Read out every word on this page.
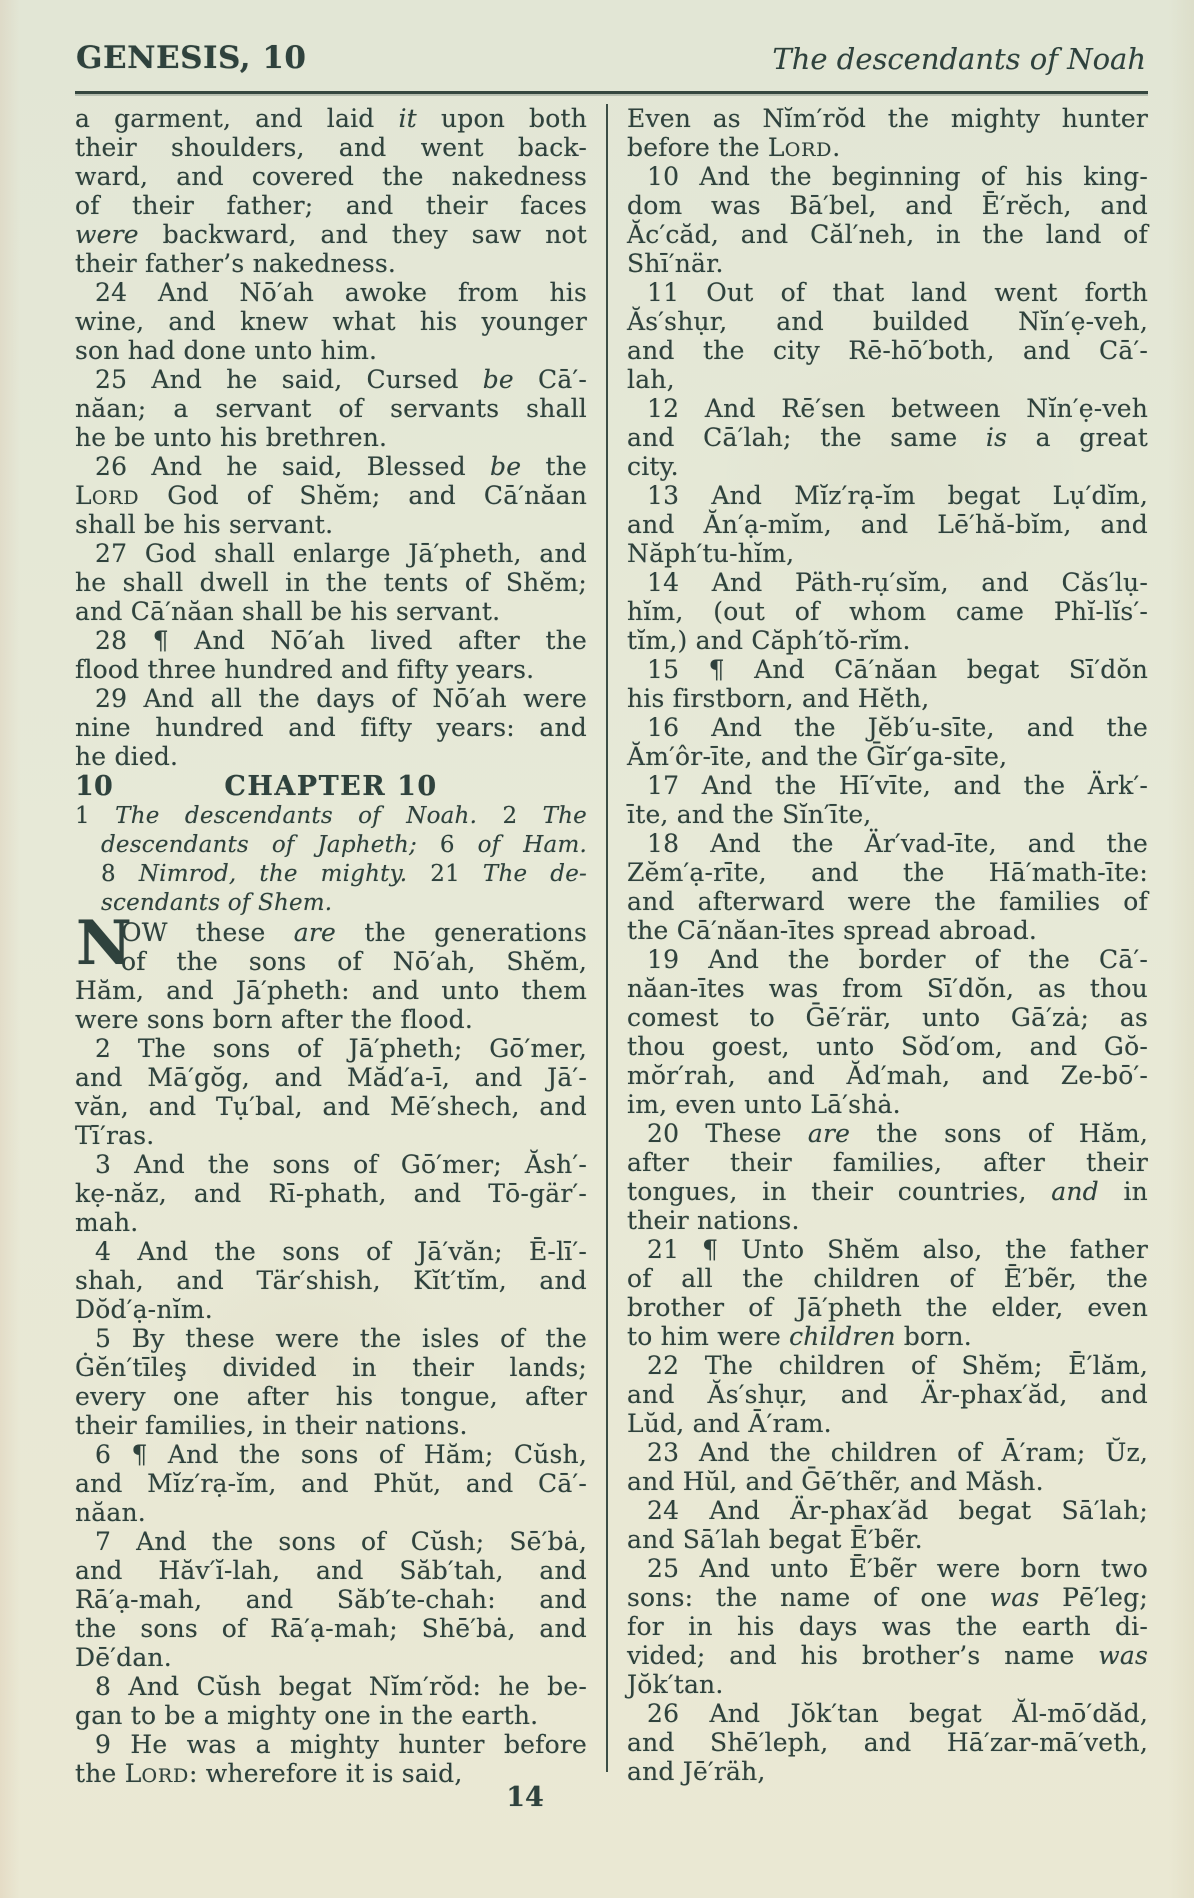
GENESIS, 10	The descendants of Noah
a garment, and laid it upon both
their shoulders, and went back-
ward, and covered the nakedness
of their father; and their faces
were backward, and they saw not
their father’s nakedness.
24 And Nō′ah awoke from his
wine, and knew what his younger
son had done unto him.
25 And he said, Cursed be Cā′-
năan; a servant of servants shall
he be unto his brethren.
26 And he said, Blessed be the
LORD God of Shĕm; and Cā′năan
shall be his servant.
27 God shall enlarge Jā′pheth, and
he shall dwell in the tents of Shĕm;
and Cā′năan shall be his servant.
28 ¶ And Nō′ah lived after the
flood three hundred and fifty years.
29 And all the days of Nō′ah were
nine hundred and fifty years: and
he died.
10	CHAPTER 10
1 The descendants of Noah. 2 The
descendants of Japheth; 6 of Ham.
8 Nimrod, the mighty. 21 The de-
scendants of Shem.
N
OW these are the generations
of the sons of Nō′ah, Shĕm,
Hăm, and Jā′pheth: and unto them
were sons born after the flood.
2 The sons of Jā′pheth; Gō′mer,
and Mā′gŏg, and Măd′a-ī, and Jā′-
văn, and Tụ′bal, and Mē′shech, and
Tī′ras.
3 And the sons of Gō′mer; Ăsh′-
kẹ-năz, and Rī-phath, and Tō-gär′-
mah.
4 And the sons of Jā′văn; Ē-lī′-
shah, and Tär′shish, Kĭt′tĭm, and
Dŏd′ạ-nĭm.
5 By these were the isles of the
Ġĕn′tīleş divided in their lands;
every one after his tongue, after
their families, in their nations.
6 ¶ And the sons of Hăm; Cŭsh,
and Mĭz′rạ-ĭm, and Phŭt, and Cā′-
năan.
7 And the sons of Cŭsh; Sē′bȧ,
and Hăv′ĭ-lah, and Săb′tah, and
Rā′ạ-mah, and Săb′te-chah: and
the sons of Rā′ạ-mah; Shē′bȧ, and
Dē′dan.
8 And Cŭsh begat Nĭm′rŏd: he be-
gan to be a mighty one in the earth.
9 He was a mighty hunter before
the LORD: wherefore it is said,
Even as Nĭm′rŏd the mighty hunter
before the LORD.
10 And the beginning of his king-
dom was Bā′bel, and Ē′rĕch, and
Ăc′căd, and Căl′neh, in the land of
Shī′när.
11 Out of that land went forth
Ăs′shụr, and builded Nĭn′ẹ-veh,
and the city Rē-hō′both, and Cā′-
lah,
12 And Rē′sen between Nĭn′ẹ-veh
and Cā′lah; the same is a great
city.
13 And Mĭz′rạ-ĭm begat Lụ′dĭm,
and Ăn′ạ-mĭm, and Lē′hă-bĭm, and
Năph′tu-hĭm,
14 And Päth-rụ′sĭm, and Căs′lụ-
hĭm, (out of whom came Phĭ-lĭs′-
tĭm,) and Căph′tŏ-rĭm.
15 ¶ And Cā′năan begat Sī′dŏn
his firstborn, and Hĕth,
16 And the Jĕb′u-sīte, and the
Ăm′ôr-īte, and the Ḡĭr′ga-sīte,
17 And the Hī′vīte, and the Ärk′-
īte, and the Sĭn′īte,
18 And the Är′vad-īte, and the
Zĕm′ạ-rīte, and the Hā′math-īte:
and afterward were the families of
the Cā′năan-ītes spread abroad.
19 And the border of the Cā′-
năan-ītes was from Sī′dŏn, as thou
comest to Ḡē′rär, unto Gā′zȧ; as
thou goest, unto Sŏd′om, and Gŏ-
mŏr′rah, and Ăd′mah, and Ze-bō′-
im, even unto Lā′shȧ.
20 These are the sons of Hăm,
after their families, after their
tongues, in their countries, and in
their nations.
21 ¶ Unto Shĕm also, the father
of all the children of Ē′bẽr, the
brother of Jā′pheth the elder, even
to him were children born.
22 The children of Shĕm; Ē′lăm,
and Ăs′shụr, and Är-phax′ăd, and
Lŭd, and Ā′ram.
23 And the children of Ā′ram; Ŭz,
and Hŭl, and Ḡē′thẽr, and Măsh.
24 And Är-phax′ăd begat Sā′lah;
and Sā′lah begat Ē′bẽr.
25 And unto Ē′bẽr were born two
sons: the name of one was Pē′leg;
for in his days was the earth di-
vided; and his brother’s name was
Jŏk′tan.
26 And Jŏk′tan begat Ăl-mō′dăd,
and Shē′leph, and Hā′zar-mā′veth,
and Jē′räh,
14
